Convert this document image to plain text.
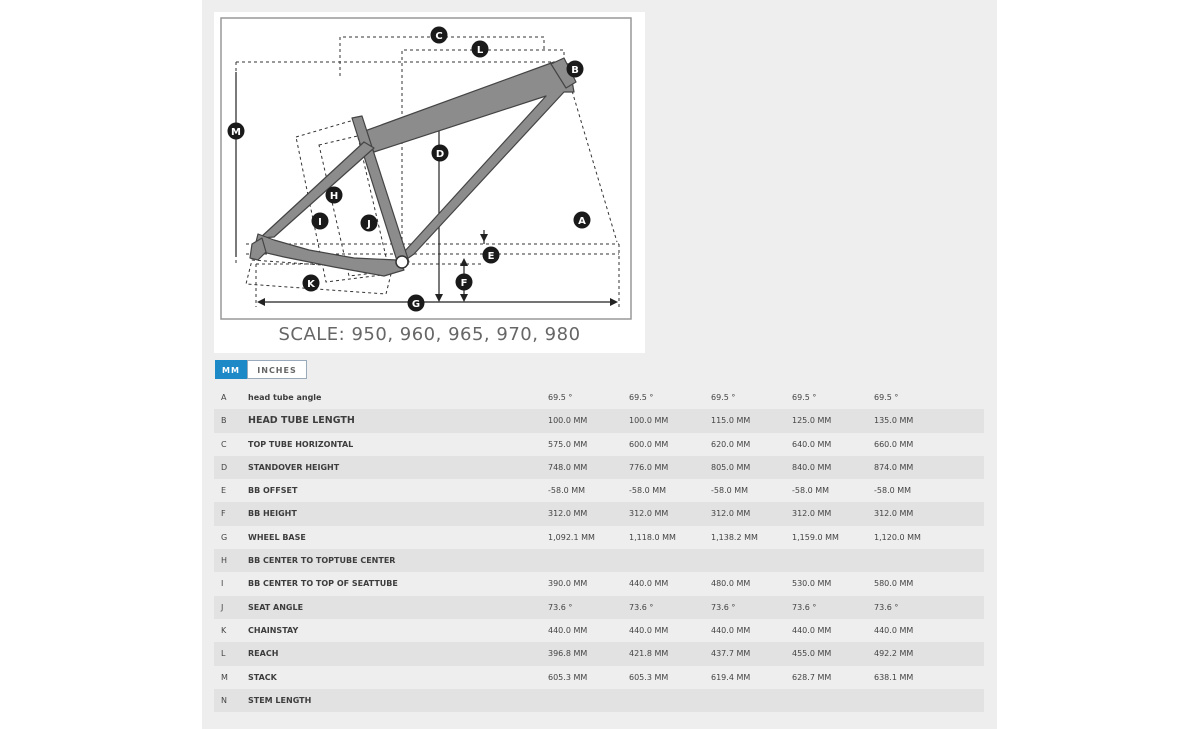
C
L
B
M
D
H
I	J	A
E
F
K
G
SCALE: 950, 960, 965, 970, 980
MM	INCHES
A	head tube angle	69.5 °	69.5 °	69.5 °	69.5 °	69.5 °
B HEAD TUBE LENGTH	100.0 MM	100.0 MM	115.0 MM	125.0 MM	135.0 MM
C	TOP TUBE HORIZONTAL	575.0 MM	600.0 MM	620.0 MM	640.0 MM	660.0 MM
D	STANDOVER HEIGHT	748.0 MM	776.0 MM	805.0 MM	840.0 MM	874.0 MM
E	BB OFFSET	-58.0 MM	-58.0 MM	-58.0 MM	-58.0 MM	-58.0 MM
F	BB HEIGHT	312.0 MM	312.0 MM	312.0 MM	312.0 MM	312.0 MM
G	WHEEL BASE	1,092.1 MM	1,118.0 MM	1,138.2 MM	1,159.0 MM	1,120.0 MM
H	BB CENTER TO TOPTUBE CENTER
I	BB CENTER TO TOP OF SEATTUBE	390.0 MM	440.0 MM	480.0 MM	530.0 MM	580.0 MM
J	SEAT ANGLE	73.6 °	73.6 °	73.6 °	73.6 °	73.6 °
K	CHAINSTAY	440.0 MM	440.0 MM	440.0 MM	440.0 MM	440.0 MM
L	REACH	396.8 MM	421.8 MM	437.7 MM	455.0 MM	492.2 MM
M	STACK	605.3 MM	605.3 MM	619.4 MM	628.7 MM	638.1 MM
N	STEM LENGTH
